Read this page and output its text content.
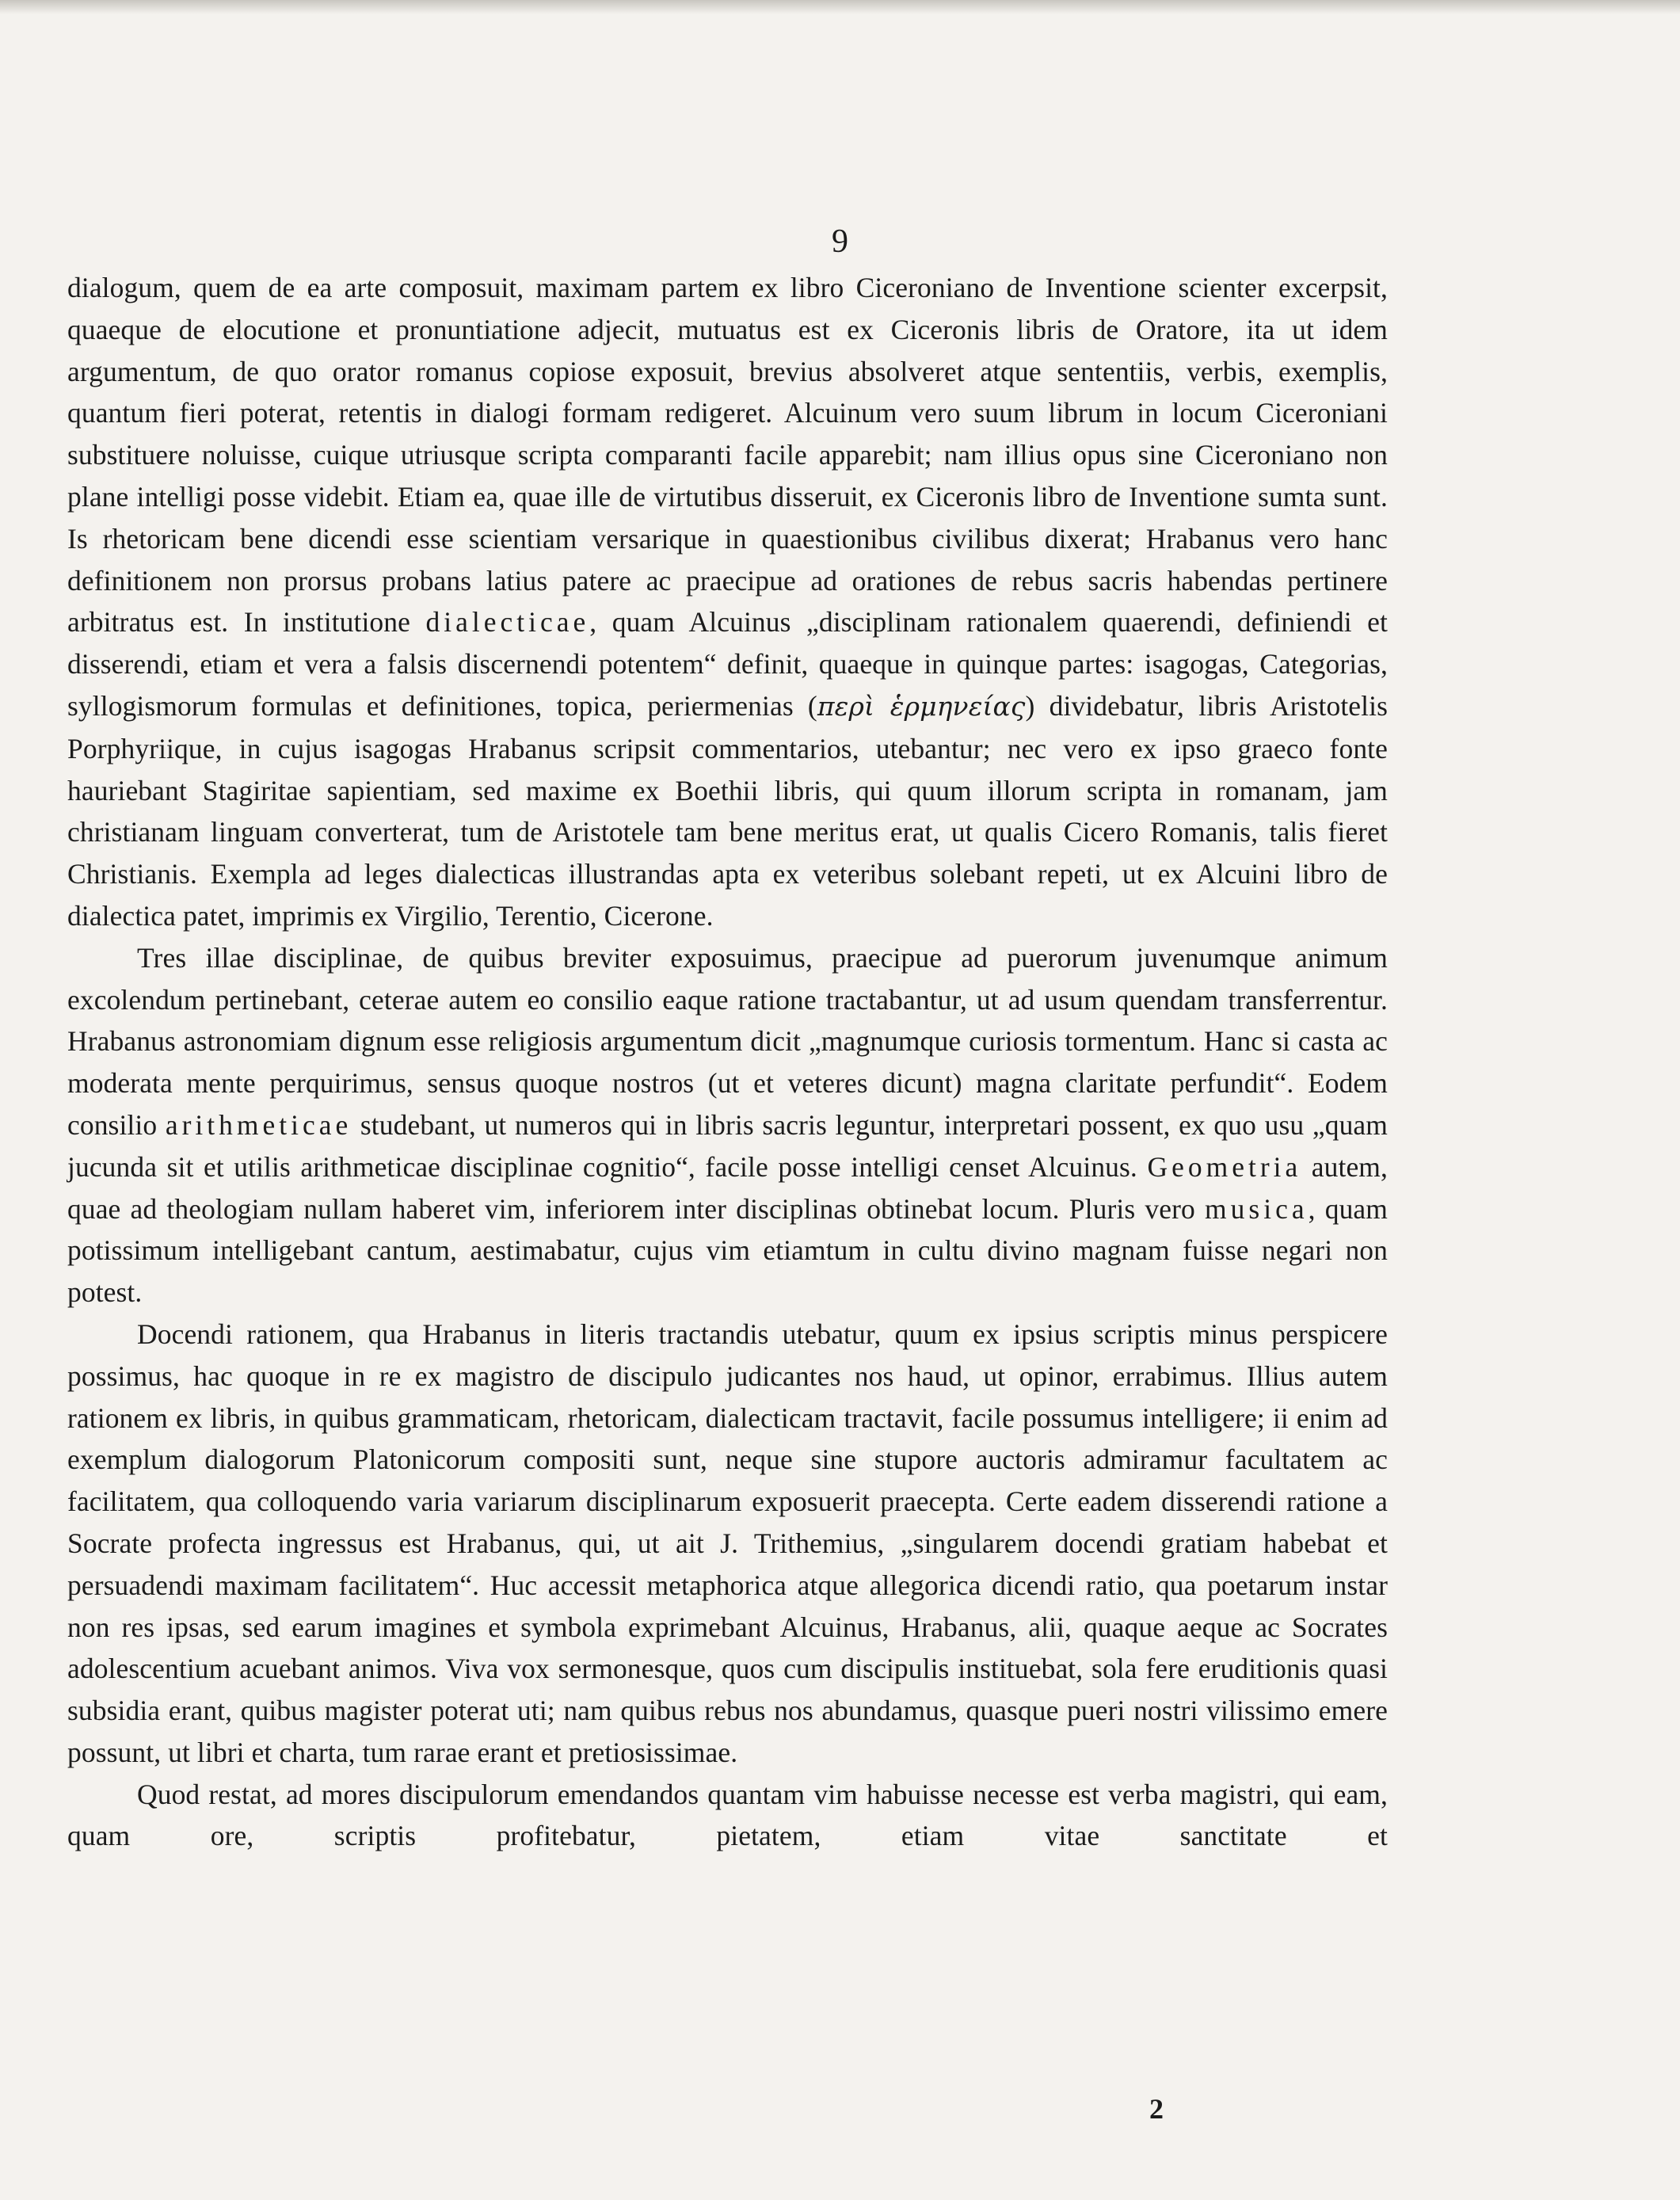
9

dialogum, quem de ea arte composuit, maximam partem ex libro Ciceroniano de Inventione scienter excerpsit, quaeque de elocutione et pronuntiatione adjecit, mutuatus est ex Ciceronis libris de Oratore, ita ut idem argumentum, de quo orator romanus copiose exposuit, brevius absolveret atque sententiis, verbis, exemplis, quantum fieri poterat, retentis in dialogi formam redigeret. Alcuinum vero suum librum in locum Ciceroniani substituere noluisse, cuique utriusque scripta comparanti facile apparebit; nam illius opus sine Ciceroniano non plane intelligi posse videbit. Etiam ea, quae ille de virtutibus disseruit, ex Ciceronis libro de Inventione sumta sunt. Is rhetoricam bene dicendi esse scientiam versarique in quaestionibus civilibus dixerat; Hrabanus vero hanc definitionem non prorsus probans latius patere ac praecipue ad orationes de rebus sacris habendas pertinere arbitratus est. In institutione dialecticae, quam Alcuinus „disciplinam rationalem quaerendi, definiendi et disserendi, etiam et vera a falsis discernendi potentem“ definit, quaeque in quinque partes: isagogas, Categorias, syllogismorum formulas et definitiones, topica, periermenias (περὶ ἑρμηνείας) dividebatur, libris Aristotelis Porphyriique, in cujus isagogas Hrabanus scripsit commentarios, utebantur; nec vero ex ipso graeco fonte hauriebant Stagiritae sapientiam, sed maxime ex Boethii libris, qui quum illorum scripta in romanam, jam christianam linguam converterat, tum de Aristotele tam bene meritus erat, ut qualis Cicero Romanis, talis fieret Christianis. Exempla ad leges dialecticas illustrandas apta ex veteribus solebant repeti, ut ex Alcuini libro de dialectica patet, imprimis ex Virgilio, Terentio, Cicerone.

Tres illae disciplinae, de quibus breviter exposuimus, praecipue ad puerorum juvenumque animum excolendum pertinebant, ceterae autem eo consilio eaque ratione tractabantur, ut ad usum quendam transferrentur. Hrabanus astronomiam dignum esse religiosis argumentum dicit „magnumque curiosis tormentum. Hanc si casta ac moderata mente perquirimus, sensus quoque nostros (ut et veteres dicunt) magna claritate perfundit“. Eodem consilio arithmeticae studebant, ut numeros qui in libris sacris leguntur, interpretari possent, ex quo usu „quam jucunda sit et utilis arithmeticae disciplinae cognitio“, facile posse intelligi censet Alcuinus. Geometria autem, quae ad theologiam nullam haberet vim, inferiorem inter disciplinas obtinebat locum. Pluris vero musica, quam potissimum intelligebant cantum, aestimabatur, cujus vim etiamtum in cultu divino magnam fuisse negari non potest.

Docendi rationem, qua Hrabanus in literis tractandis utebatur, quum ex ipsius scriptis minus perspicere possimus, hac quoque in re ex magistro de discipulo judicantes nos haud, ut opinor, errabimus. Illius autem rationem ex libris, in quibus grammaticam, rhetoricam, dialecticam tractavit, facile possumus intelligere; ii enim ad exemplum dialogorum Platonicorum compositi sunt, neque sine stupore auctoris admiramur facultatem ac facilitatem, qua colloquendo varia variarum disciplinarum exposuerit praecepta. Certe eadem disserendi ratione a Socrate profecta ingressus est Hrabanus, qui, ut ait J. Trithemius, „singularem docendi gratiam habebat et persuadendi maximam facilitatem“. Huc accessit metaphorica atque allegorica dicendi ratio, qua poetarum instar non res ipsas, sed earum imagines et symbola exprimebant Alcuinus, Hrabanus, alii, quaque aeque ac Socrates adolescentium acuebant animos. Viva vox sermonesque, quos cum discipulis instituebat, sola fere eruditionis quasi subsidia erant, quibus magister poterat uti; nam quibus rebus nos abundamus, quasque pueri nostri vilissimo emere possunt, ut libri et charta, tum rarae erant et pretiosissimae.

Quod restat, ad mores discipulorum emendandos quantam vim habuisse necesse est verba magistri, qui eam, quam ore, scriptis profitebatur, pietatem, etiam vitae sanctitate et

2
